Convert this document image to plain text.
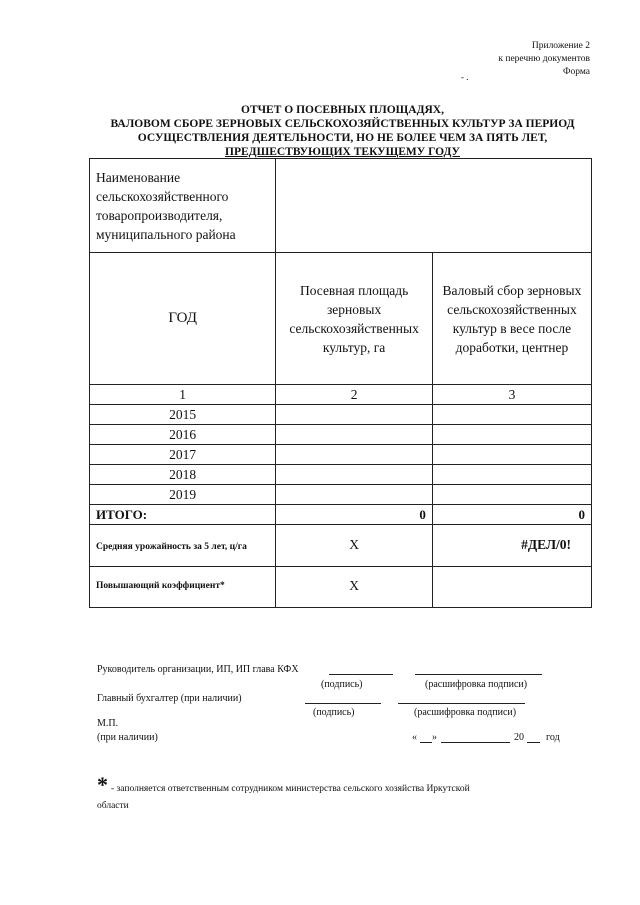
Приложение 2
к перечню документов
Форма
- .
ОТЧЕТ О ПОСЕВНЫХ ПЛОЩАДЯХ,
ВАЛОВОМ СБОРЕ ЗЕРНОВЫХ СЕЛЬСКОХОЗЯЙСТВЕННЫХ КУЛЬТУР ЗА ПЕРИОД
ОСУЩЕСТВЛЕНИЯ ДЕЯТЕЛЬНОСТИ, НО НЕ БОЛЕЕ ЧЕМ ЗА ПЯТЬ ЛЕТ,
ПРЕДШЕСТВУЮЩИХ ТЕКУЩЕМУ ГОДУ
Наименование сельскохозяйственного товаропроизводителя, муниципального района		
ГОД	Посевная площадь зерновых сельскохозяйственных культур, га	Валовый сбор зерновых сельскохозяйственных культур в весе после доработки, центнер
1	2	3
2015		
2016		
2017		
2018		
2019		
ИТОГО:	0	0
Средняя урожайность за 5 лет, ц/га	X	#ДЕЛ/0!
Повышающий коэффициент*	X	
Руководитель организации, ИП, ИП глава КФХ
(подпись)	(расшифровка подписи)
Главный бухгалтер (при наличии)
(подпись)	(расшифровка подписи)
М.П.
(при наличии)	« »	20 год
* - заполняется ответственным сотрудником министерства сельского хозяйства Иркутской
области
